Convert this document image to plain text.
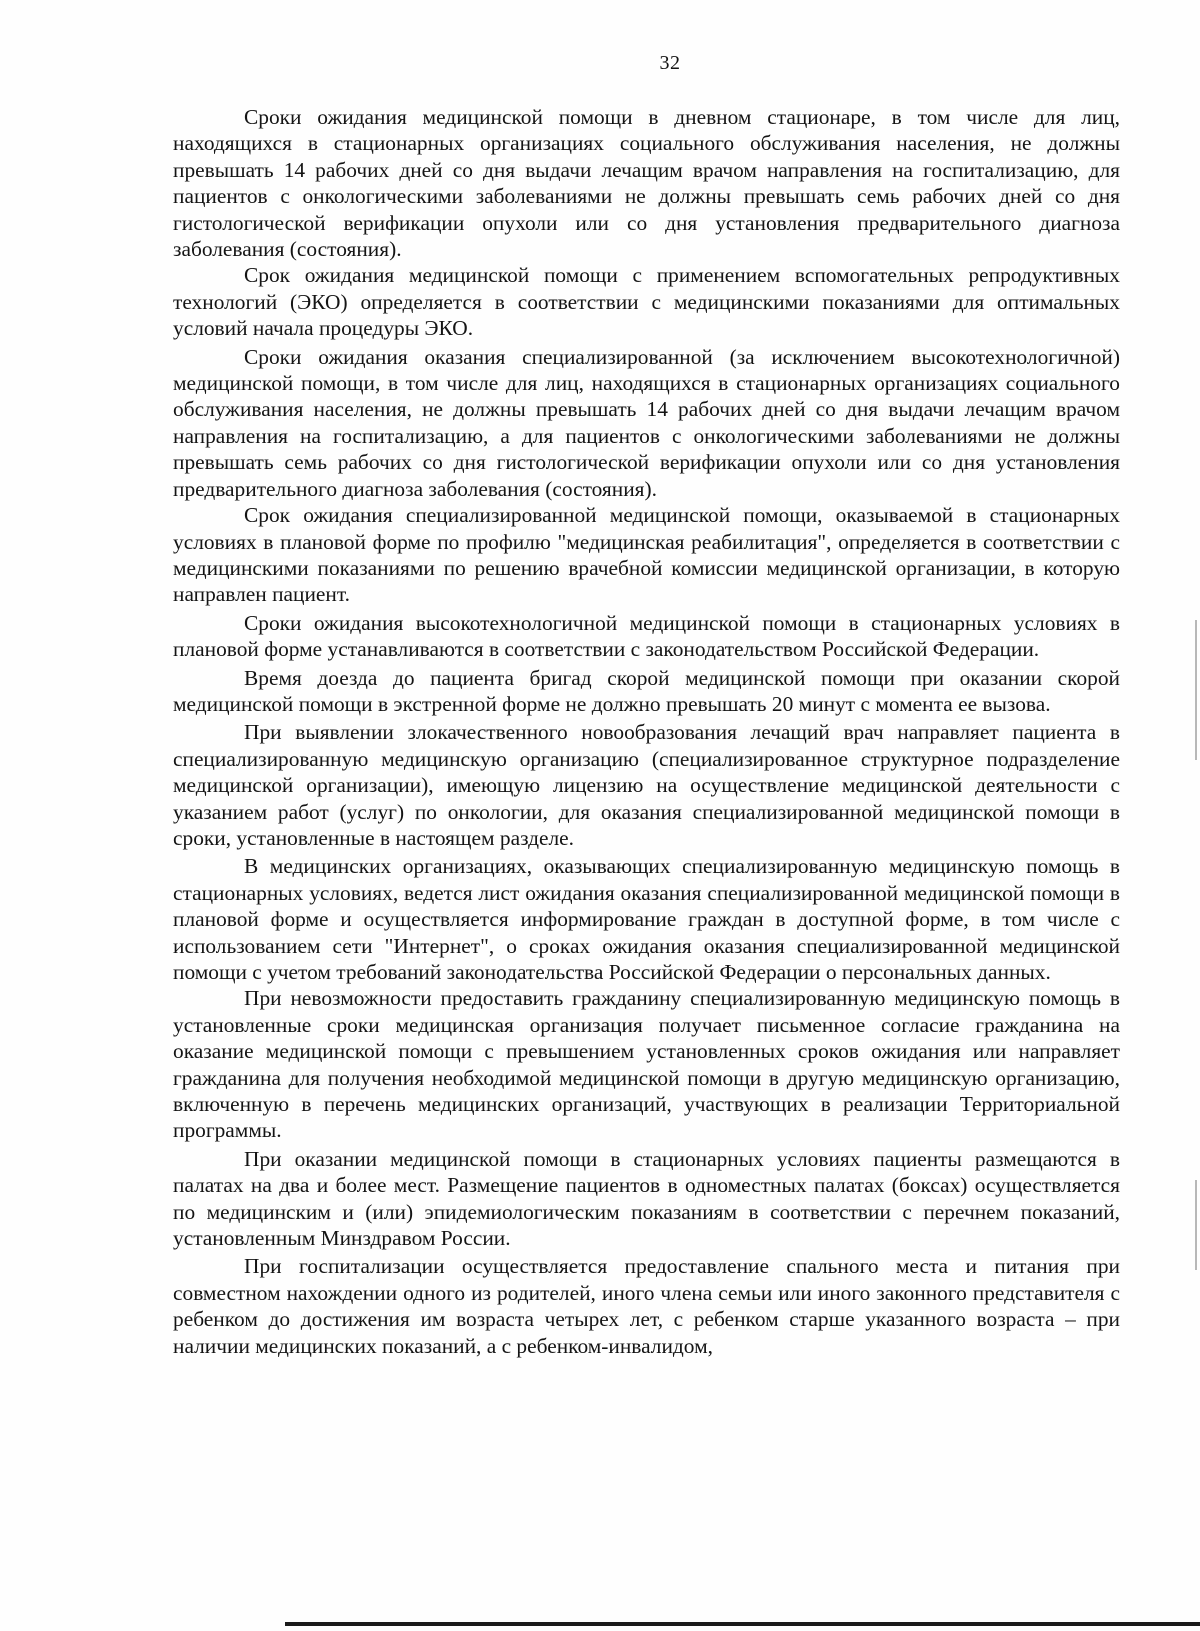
32

Сроки ожидания медицинской помощи в дневном стационаре, в том числе для лиц, находящихся в стационарных организациях социального обслуживания населения, не должны превышать 14 рабочих дней со дня выдачи лечащим врачом направления на госпитализацию, для пациентов с онкологическими заболеваниями не должны превышать семь рабочих дней со дня гистологической верификации опухоли или со дня установления предварительного диагноза заболевания (состояния).

Срок ожидания медицинской помощи с применением вспомогательных репродуктивных технологий (ЭКО) определяется в соответствии с медицинскими показаниями для оптимальных условий начала процедуры ЭКО.

Сроки ожидания оказания специализированной (за исключением высокотехнологичной) медицинской помощи, в том числе для лиц, находящихся в стационарных организациях социального обслуживания населения, не должны превышать 14 рабочих дней со дня выдачи лечащим врачом направления на госпитализацию, а для пациентов с онкологическими заболеваниями не должны превышать семь рабочих со дня гистологической верификации опухоли или со дня установления предварительного диагноза заболевания (состояния).

Срок ожидания специализированной медицинской помощи, оказываемой в стационарных условиях в плановой форме по профилю "медицинская реабилитация", определяется в соответствии с медицинскими показаниями по решению врачебной комиссии медицинской организации, в которую направлен пациент.

Сроки ожидания высокотехнологичной медицинской помощи в стационарных условиях в плановой форме устанавливаются в соответствии с законодательством Российской Федерации.

Время доезда до пациента бригад скорой медицинской помощи при оказании скорой медицинской помощи в экстренной форме не должно превышать 20 минут с момента ее вызова.

При выявлении злокачественного новообразования лечащий врач направляет пациента в специализированную медицинскую организацию (специализированное структурное подразделение медицинской организации), имеющую лицензию на осуществление медицинской деятельности с указанием работ (услуг) по онкологии, для оказания специализированной медицинской помощи в сроки, установленные в настоящем разделе.

В медицинских организациях, оказывающих специализированную медицинскую помощь в стационарных условиях, ведется лист ожидания оказания специализированной медицинской помощи в плановой форме и осуществляется информирование граждан в доступной форме, в том числе с использованием сети "Интернет", о сроках ожидания оказания специализированной медицинской помощи с учетом требований законодательства Российской Федерации о персональных данных.

При невозможности предоставить гражданину специализированную медицинскую помощь в установленные сроки медицинская организация получает письменное согласие гражданина на оказание медицинской помощи с превышением установленных сроков ожидания или направляет гражданина для получения необходимой медицинской помощи в другую медицинскую организацию, включенную в перечень медицинских организаций, участвующих в реализации Территориальной программы.

При оказании медицинской помощи в стационарных условиях пациенты размещаются в палатах на два и более мест. Размещение пациентов в одноместных палатах (боксах) осуществляется по медицинским и (или) эпидемиологическим показаниям в соответствии с перечнем показаний, установленным Минздравом России.

При госпитализации осуществляется предоставление спального места и питания при совместном нахождении одного из родителей, иного члена семьи или иного законного представителя с ребенком до достижения им возраста четырех лет, с ребенком старше указанного возраста – при наличии медицинских показаний, а с ребенком-инвалидом,
